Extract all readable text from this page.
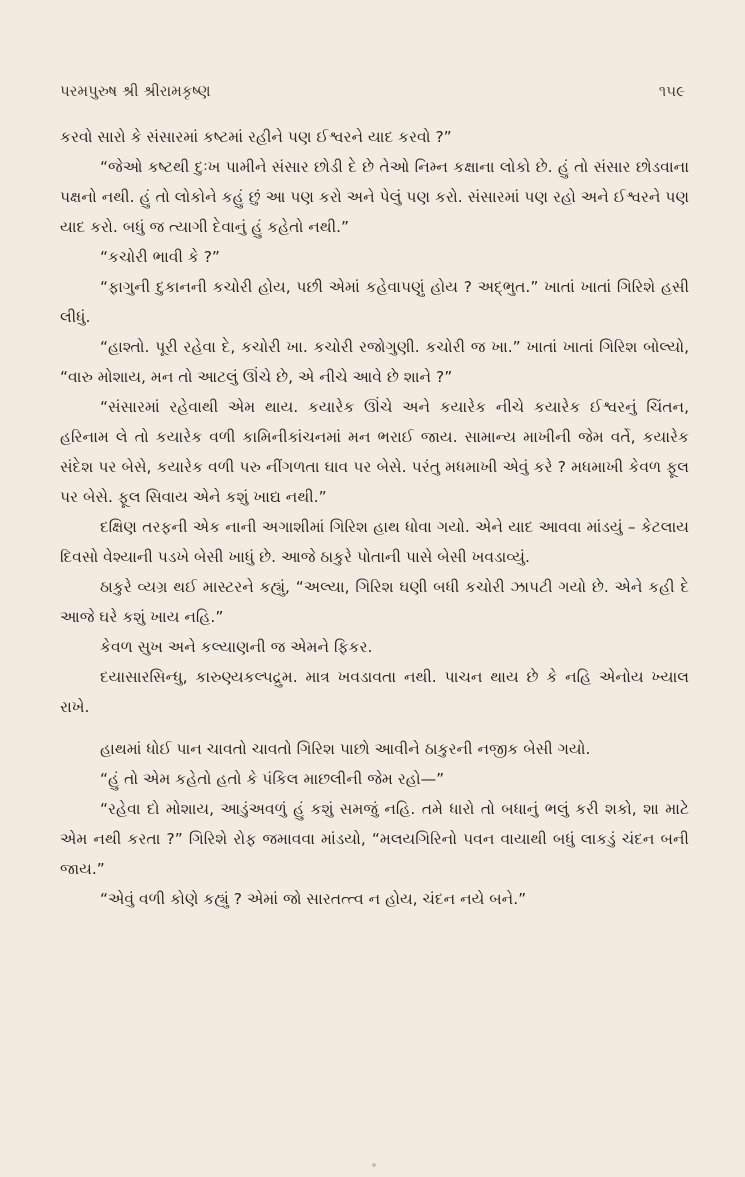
પરમપુરુષ શ્રી શ્રીરામકૃષ્ણ	૧૫૯

કરવો સારો કે સંસારમાં કષ્ટમાં રહીને પણ ઈશ્વરને યાદ કરવો ?”

“જેઓ કષ્ટથી દુઃખ પામીને સંસાર છોડી દે છે તેઓ નિમ્ન કક્ષાના લોકો છે. હું તો સંસાર છોડવાના પક્ષનો નથી. હું તો લોકોને કહું છું આ પણ કરો અને પેલું પણ કરો. સંસારમાં પણ રહો અને ઈશ્વરને પણ યાદ કરો. બધું જ ત્યાગી દેવાનું હું કહેતો નથી.”

“કચોરી ભાવી કે ?”

“ફાગુની દુકાનની કચોરી હોય, પછી એમાં કહેવાપણું હોય ? અદ્ભુત.” ખાતાં ખાતાં ગિરિશે હસી લીધું.

“હાશ્તો. પૂરી રહેવા દે, કચોરી ખા. કચોરી રજોગુણી. કચોરી જ ખા.” ખાતાં ખાતાં ગિરિશ બોલ્યો, “વારુ મોશાય, મન તો આટલું ઊંચે છે, એ નીચે આવે છે શાને ?”

“સંસારમાં રહેવાથી એમ થાય. કયારેક ઊંચે અને કયારેક નીચે કયારેક ઈશ્વરનું ચિંતન, હરિનામ લે તો કયારેક વળી કામિનીકાંચનમાં મન ભરાઈ જાય. સામાન્ય માખીની જેમ વર્તે, કયારેક સંદેશ પર બેસે, કયારેક વળી પરુ નીંગળતા ઘાવ પર બેસે. પરંતુ મધમાખી એવું કરે ? મધમાખી કેવળ ફૂલ પર બેસે. ફૂલ સિવાય એને કશું ખાદ્ય નથી.”

દક્ષિણ તરફની એક નાની અગાશીમાં ગિરિશ હાથ ધોવા ગયો. એને યાદ આવવા માંડયું – કેટલાય દિવસો વેશ્યાની પડખે બેસી ખાધું છે. આજે ઠાકુરે પોતાની પાસે બેસી ખવડાવ્યું.

ઠાકુરે વ્યગ્ર થઈ માસ્ટરને કહ્યું, “અલ્યા, ગિરિશ ઘણી બધી કચોરી ઝાપટી ગયો છે. એને કહી દે આજે ઘરે કશું ખાય નહિ.”

કેવળ સુખ અને કલ્યાણની જ એમને ફિકર.

દયાસારસિન્ધુ, કારુણ્યકલ્પદ્રુમ. માત્ર ખવડાવતા નથી. પાચન થાય છે કે નહિ એનોય ખ્યાલ રાખે.

હાથમાં ધોઈ પાન ચાવતો ચાવતો ગિરિશ પાછો આવીને ઠાકુરની નજીક બેસી ગયો.

“હું તો એમ કહેતો હતો કે પંકિલ માછલીની જેમ રહો—”

“રહેવા દો મોશાય, આડુંઅવળું હું કશું સમજું નહિ. તમે ધારો તો બધાનું ભલું કરી શકો, શા માટે એમ નથી કરતા ?” ગિરિશે રોફ જમાવવા માંડયો, “મલયગિરિનો પવન વાયાથી બધું લાકડું ચંદન બની જાય.”

“એવું વળી કોણે કહ્યું ? એમાં જો સારતત્ત્વ ન હોય, ચંદન નયે બને.”
